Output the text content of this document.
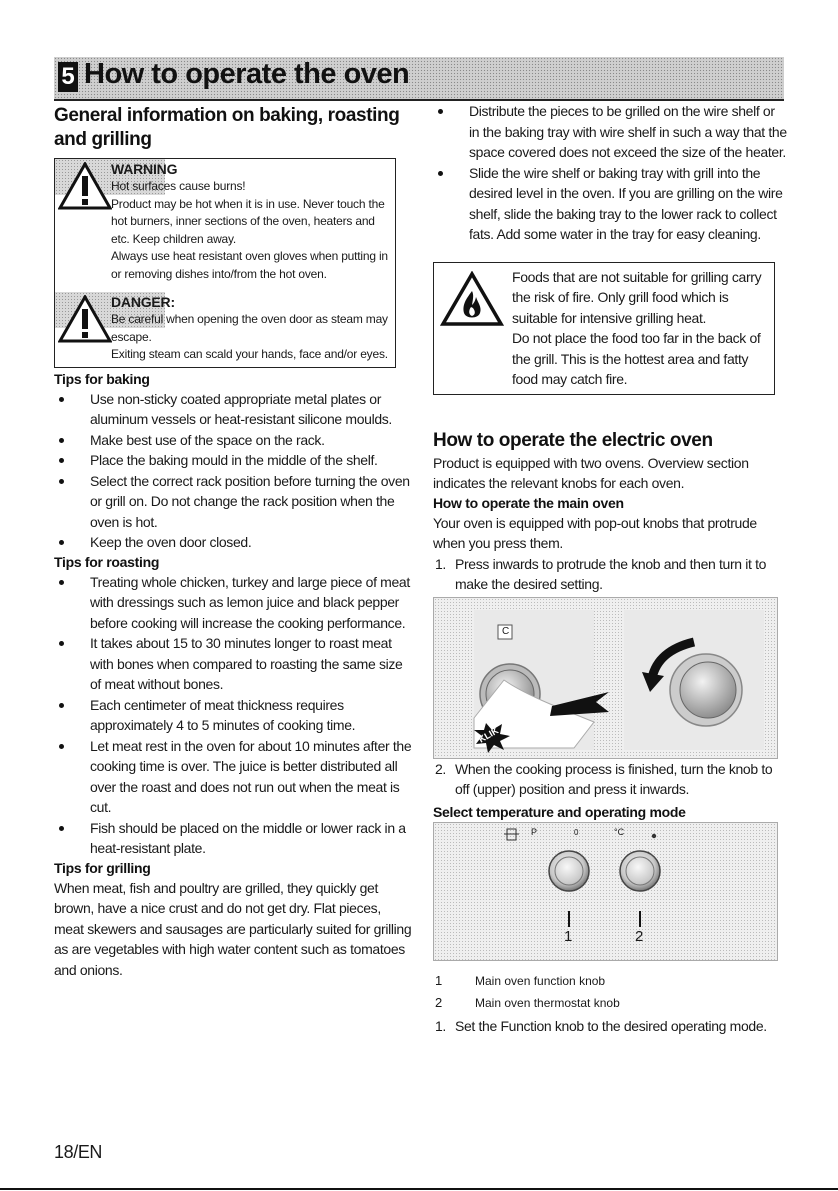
5 How to operate the oven
General information on baking, roasting and grilling
WARNING

Hot surfaces cause burns!

Product may be hot when it is in use. Never touch the hot burners, inner sections of the oven, heaters and etc. Keep children away.

Always use heat resistant oven gloves when putting in or removing dishes into/from the hot oven.

DANGER:

Be careful when opening the oven door as steam may escape.

Exiting steam can scald your hands, face and/or eyes.

Tips for baking
Use non-sticky coated appropriate metal plates or aluminum vessels or heat-resistant silicone moulds.
Make best use of the space on the rack.
Place the baking mould in the middle of the shelf.
Select the correct rack position before turning the oven or grill on. Do not change the rack position when the oven is hot.
Keep the oven door closed.
Tips for roasting
Treating whole chicken, turkey and large piece of meat with dressings such as lemon juice and black pepper before cooking will increase the cooking performance.
It takes about 15 to 30 minutes longer to roast meat with bones when compared to roasting the same size of meat without bones.
Each centimeter of meat thickness requires approximately 4 to 5 minutes of cooking time.
Let meat rest in the oven for about 10 minutes after the cooking time is over. The juice is better distributed all over the roast and does not run out when the meat is cut.
Fish should be placed on the middle or lower rack in a heat-resistant plate.
Tips for grilling
When meat, fish and poultry are grilled, they quickly get brown, have a nice crust and do not get dry. Flat pieces, meat skewers and sausages are particularly suited for grilling as are vegetables with high water content such as tomatoes and onions.
Distribute the pieces to be grilled on the wire shelf or in the baking tray with wire shelf in such a way that the space covered does not exceed the size of the heater.
Slide the wire shelf or baking tray with grill into the desired level in the oven. If you are grilling on the wire shelf, slide the baking tray to the lower rack to collect fats. Add some water in the tray for easy cleaning.
Foods that are not suitable for grilling carry the risk of fire. Only grill food which is suitable for intensive grilling heat.
Do not place the food too far in the back of the grill. This is the hottest area and fatty food may catch fire.
How to operate the electric oven
Product is equipped with two ovens. Overview section indicates the relevant knobs for each oven.
How to operate the main oven
Your oven is equipped with pop-out knobs that protrude when you press them.
1. Press inwards to protrude the knob and then turn it to make the desired setting.
C
KLIK
2. When the cooking process is finished, turn the knob to off (upper) position and press it inwards.
Select temperature and operating mode
P	0	°C
1	2
1	Main oven function knob
2	Main oven thermostat knob
1. Set the Function knob to the desired operating mode.
18/EN
